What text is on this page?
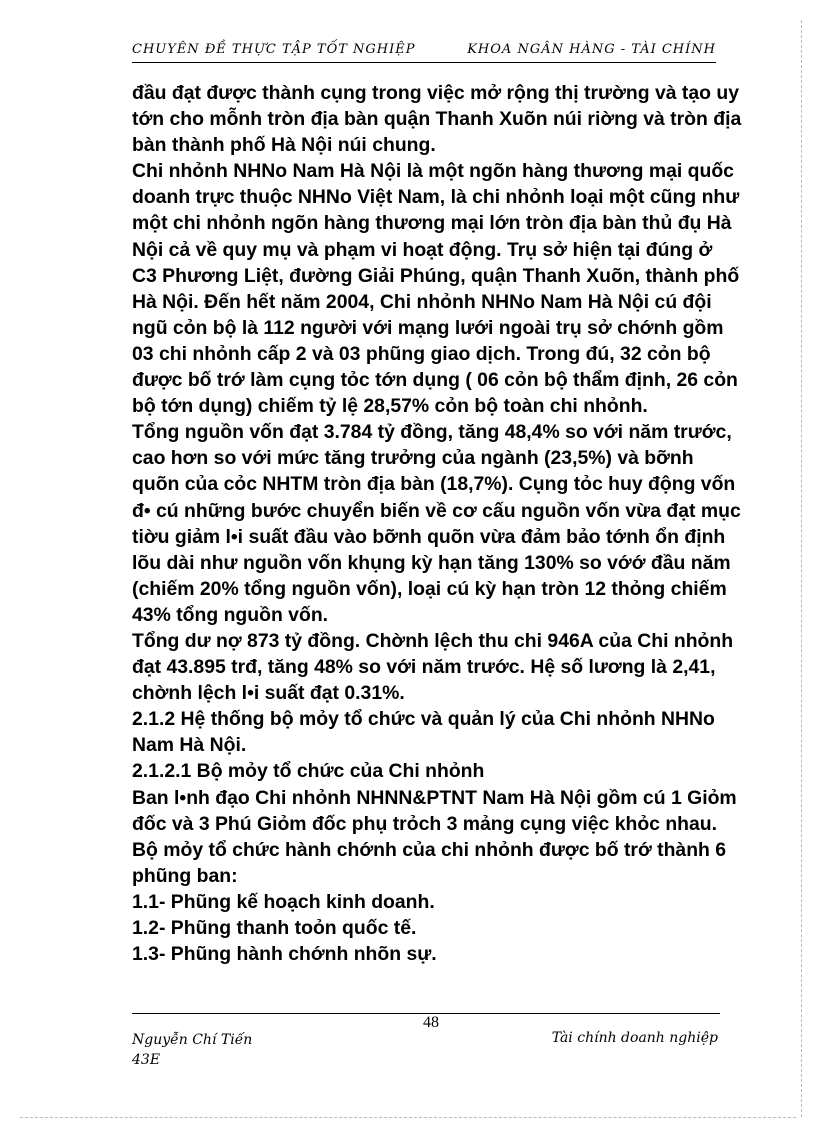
CHUYÊN ĐỀ THỰC TẬP TỐT NGHIỆP	KHOA NGÂN HÀNG - TÀI CHÍNH

đầu đạt được thành cụng trong việc mở rộng thị trường và tạo uy tớn cho mỗnh tròn địa bàn quận Thanh Xuõn núi riờng và tròn địa bàn thành phố Hà Nội núi chung.

Chi nhỏnh NHNo Nam Hà Nội là một ngõn hàng thương mại quốc doanh trực thuộc NHNo Việt Nam, là chi nhỏnh loại một cũng như một chi nhỏnh ngõn hàng thương mại lớn tròn địa bàn thủ đụ Hà Nội cả về quy mụ và phạm vi hoạt động. Trụ sở hiện tại đúng ở C3 Phương Liệt, đường Giải Phúng, quận Thanh Xuõn, thành phố Hà Nội. Đến hết năm 2004, Chi nhỏnh NHNo Nam Hà Nội cú đội ngũ cỏn bộ là 112 người với mạng lưới ngoài trụ sở chớnh gồm 03 chi nhỏnh cấp 2 và 03 phũng giao dịch. Trong đú, 32 cỏn bộ được bố trớ làm cụng tỏc tớn dụng ( 06 cỏn bộ thẩm định, 26 cỏn bộ tớn dụng) chiếm tỷ lệ 28,57% cỏn bộ toàn chi nhỏnh.

Tổng nguồn vốn đạt 3.784 tỷ đồng, tăng 48,4% so với năm trước, cao hơn so với mức tăng trưởng của ngành (23,5%) và bỡnh quõn của cỏc NHTM tròn địa bàn (18,7%). Cụng tỏc huy động vốn đ• cú những bước chuyển biến về cơ cấu nguồn vốn vừa đạt mục tiờu giảm l•i suất đầu vào bỡnh quõn vừa đảm bảo tớnh ổn định lõu dài như nguồn vốn khụng kỳ hạn tăng 130% so vớớ đầu năm (chiếm 20% tổng nguồn vốn), loại cú kỳ hạn tròn 12 thỏng chiếm 43% tổng nguồn vốn.

Tổng dư nợ 873 tỷ đồng. Chờnh lệch thu chi 946A của Chi nhỏnh đạt 43.895 trđ, tăng 48% so với năm trước. Hệ số lương là 2,41, chờnh lệch l•i suất đạt 0.31%.

2.1.2 Hệ thống bộ mỏy tổ chức và quản lý của Chi nhỏnh NHNo Nam Hà Nội.

2.1.2.1 Bộ mỏy tổ chức của Chi nhỏnh

Ban l•nh đạo Chi nhỏnh NHNN&PTNT Nam Hà Nội gồm cú 1 Giỏm đốc và 3 Phú Giỏm đốc phụ trỏch 3 mảng cụng việc khỏc nhau. Bộ mỏy tổ chức hành chớnh của chi nhỏnh được bố trớ thành 6 phũng ban:

1.1- Phũng kế hoạch kinh doanh.

1.2- Phũng thanh toỏn quốc tế.

1.3- Phũng hành chớnh nhõn sự.

48
Nguyễn Chí Tiến
43E
Tài chính doanh nghiệp
